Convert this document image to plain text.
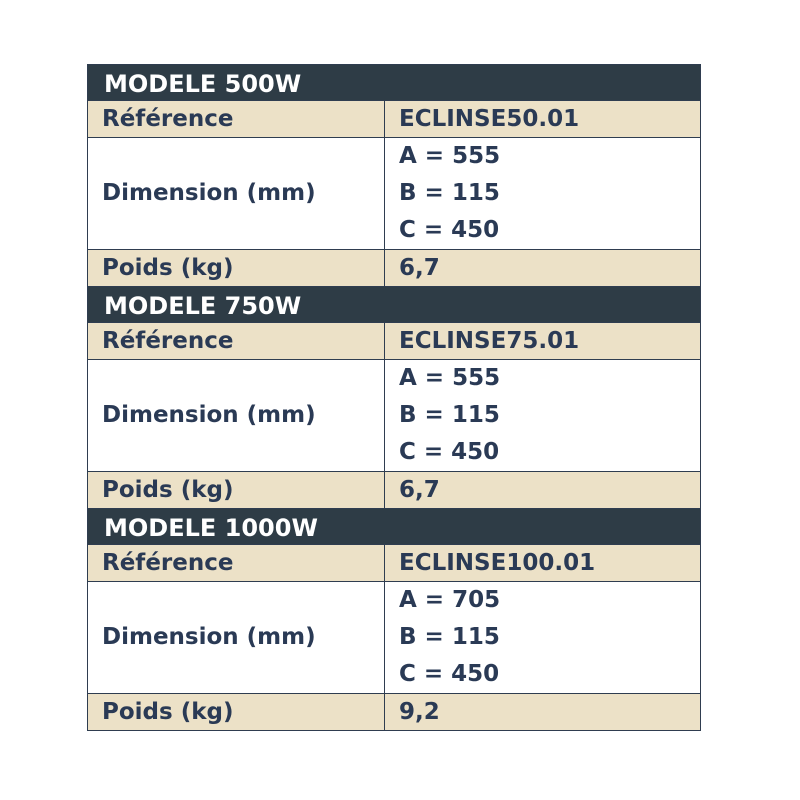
MODELE 500W	
Référence	ECLINSE50.01
Dimension (mm)	A = 555
B = 115
C = 450

Poids (kg)	6,7
MODELE 750W	
Référence	ECLINSE75.01
Dimension (mm)	A = 555
B = 115
C = 450

Poids (kg)	6,7
MODELE 1000W	
Référence	ECLINSE100.01
Dimension (mm)	A = 705
B = 115
C = 450

Poids (kg)	9,2
